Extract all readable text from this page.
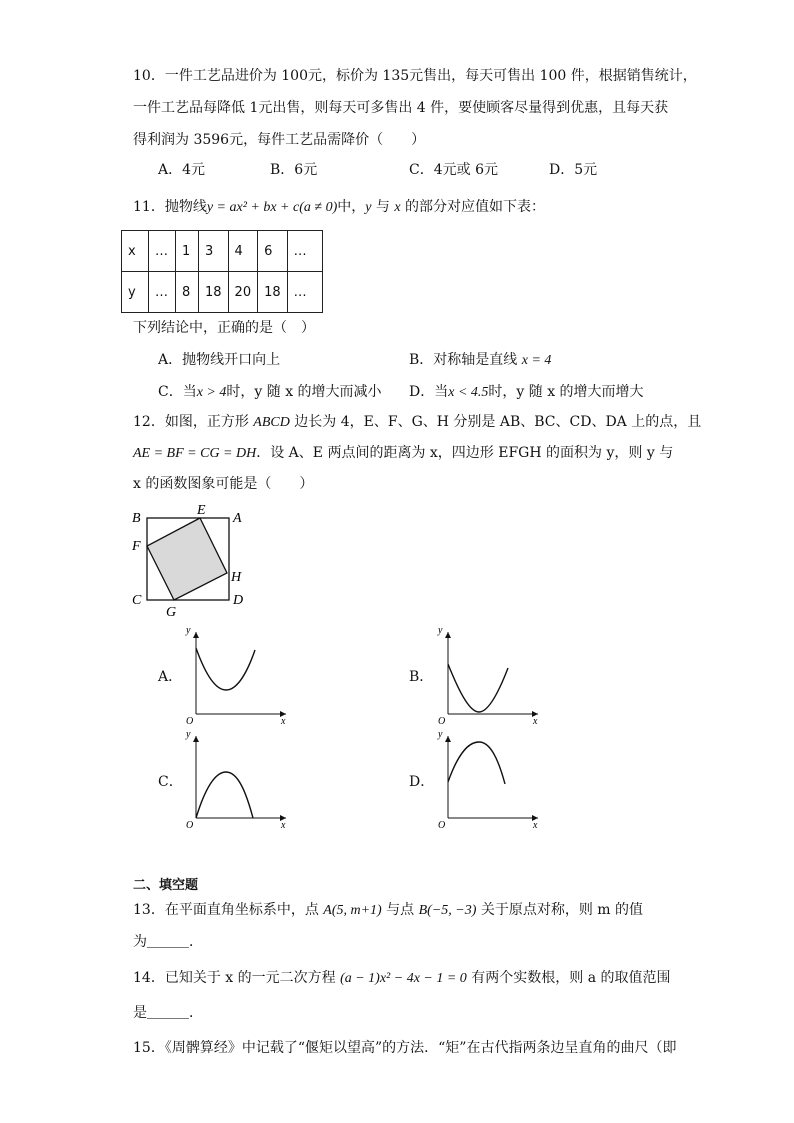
10．一件工艺品进价为 100元，标价为 135元售出，每天可售出 100 件，根据销售统计，
一件工艺品每降低 1元出售，则每天可多售出 4 件，要使顾客尽量得到优惠，且每天获
得利润为 3596元，每件工艺品需降价（　　）
A．4元	B．6元	C．4元或 6元	D．5元
11．抛物线y = ax² + bx + c(a ≠ 0)中，y 与 x 的部分对应值如下表：
x	…	1	3	4	6	…
y	…	8	18	20	18	…
下列结论中，正确的是（　）
A．抛物线开口向上	B．对称轴是直线 x = 4
C．当x > 4时，y 随 x 的增大而减小 D．当x < 4.5时，y 随 x 的增大而增大
12．如图，正方形 ABCD 边长为 4，E、F、G、H 分别是 AB、BC、CD、DA 上的点，且
AE = BF = CG = DH．设 A、E 两点间的距离为 x，四边形 EFGH 的面积为 y，则 y 与
x 的函数图象可能是（　　）
B
E
A
F
H
C
G
D
A．
y
x
O
B．
y
x
O
C．
y
x
O
D．
y
x
O
二、填空题
13．在平面直角坐标系中，点 A(5, m+1) 与点 B(−5, −3) 关于原点对称，则 m 的值
为＿＿＿．
14．已知关于 x 的一元二次方程 (a − 1)x² − 4x − 1 = 0 有两个实数根，则 a 的取值范围
是＿＿＿．
15．《周髀算经》中记载了“偃矩以望高”的方法．“矩”在古代指两条边呈直角的曲尺（即
